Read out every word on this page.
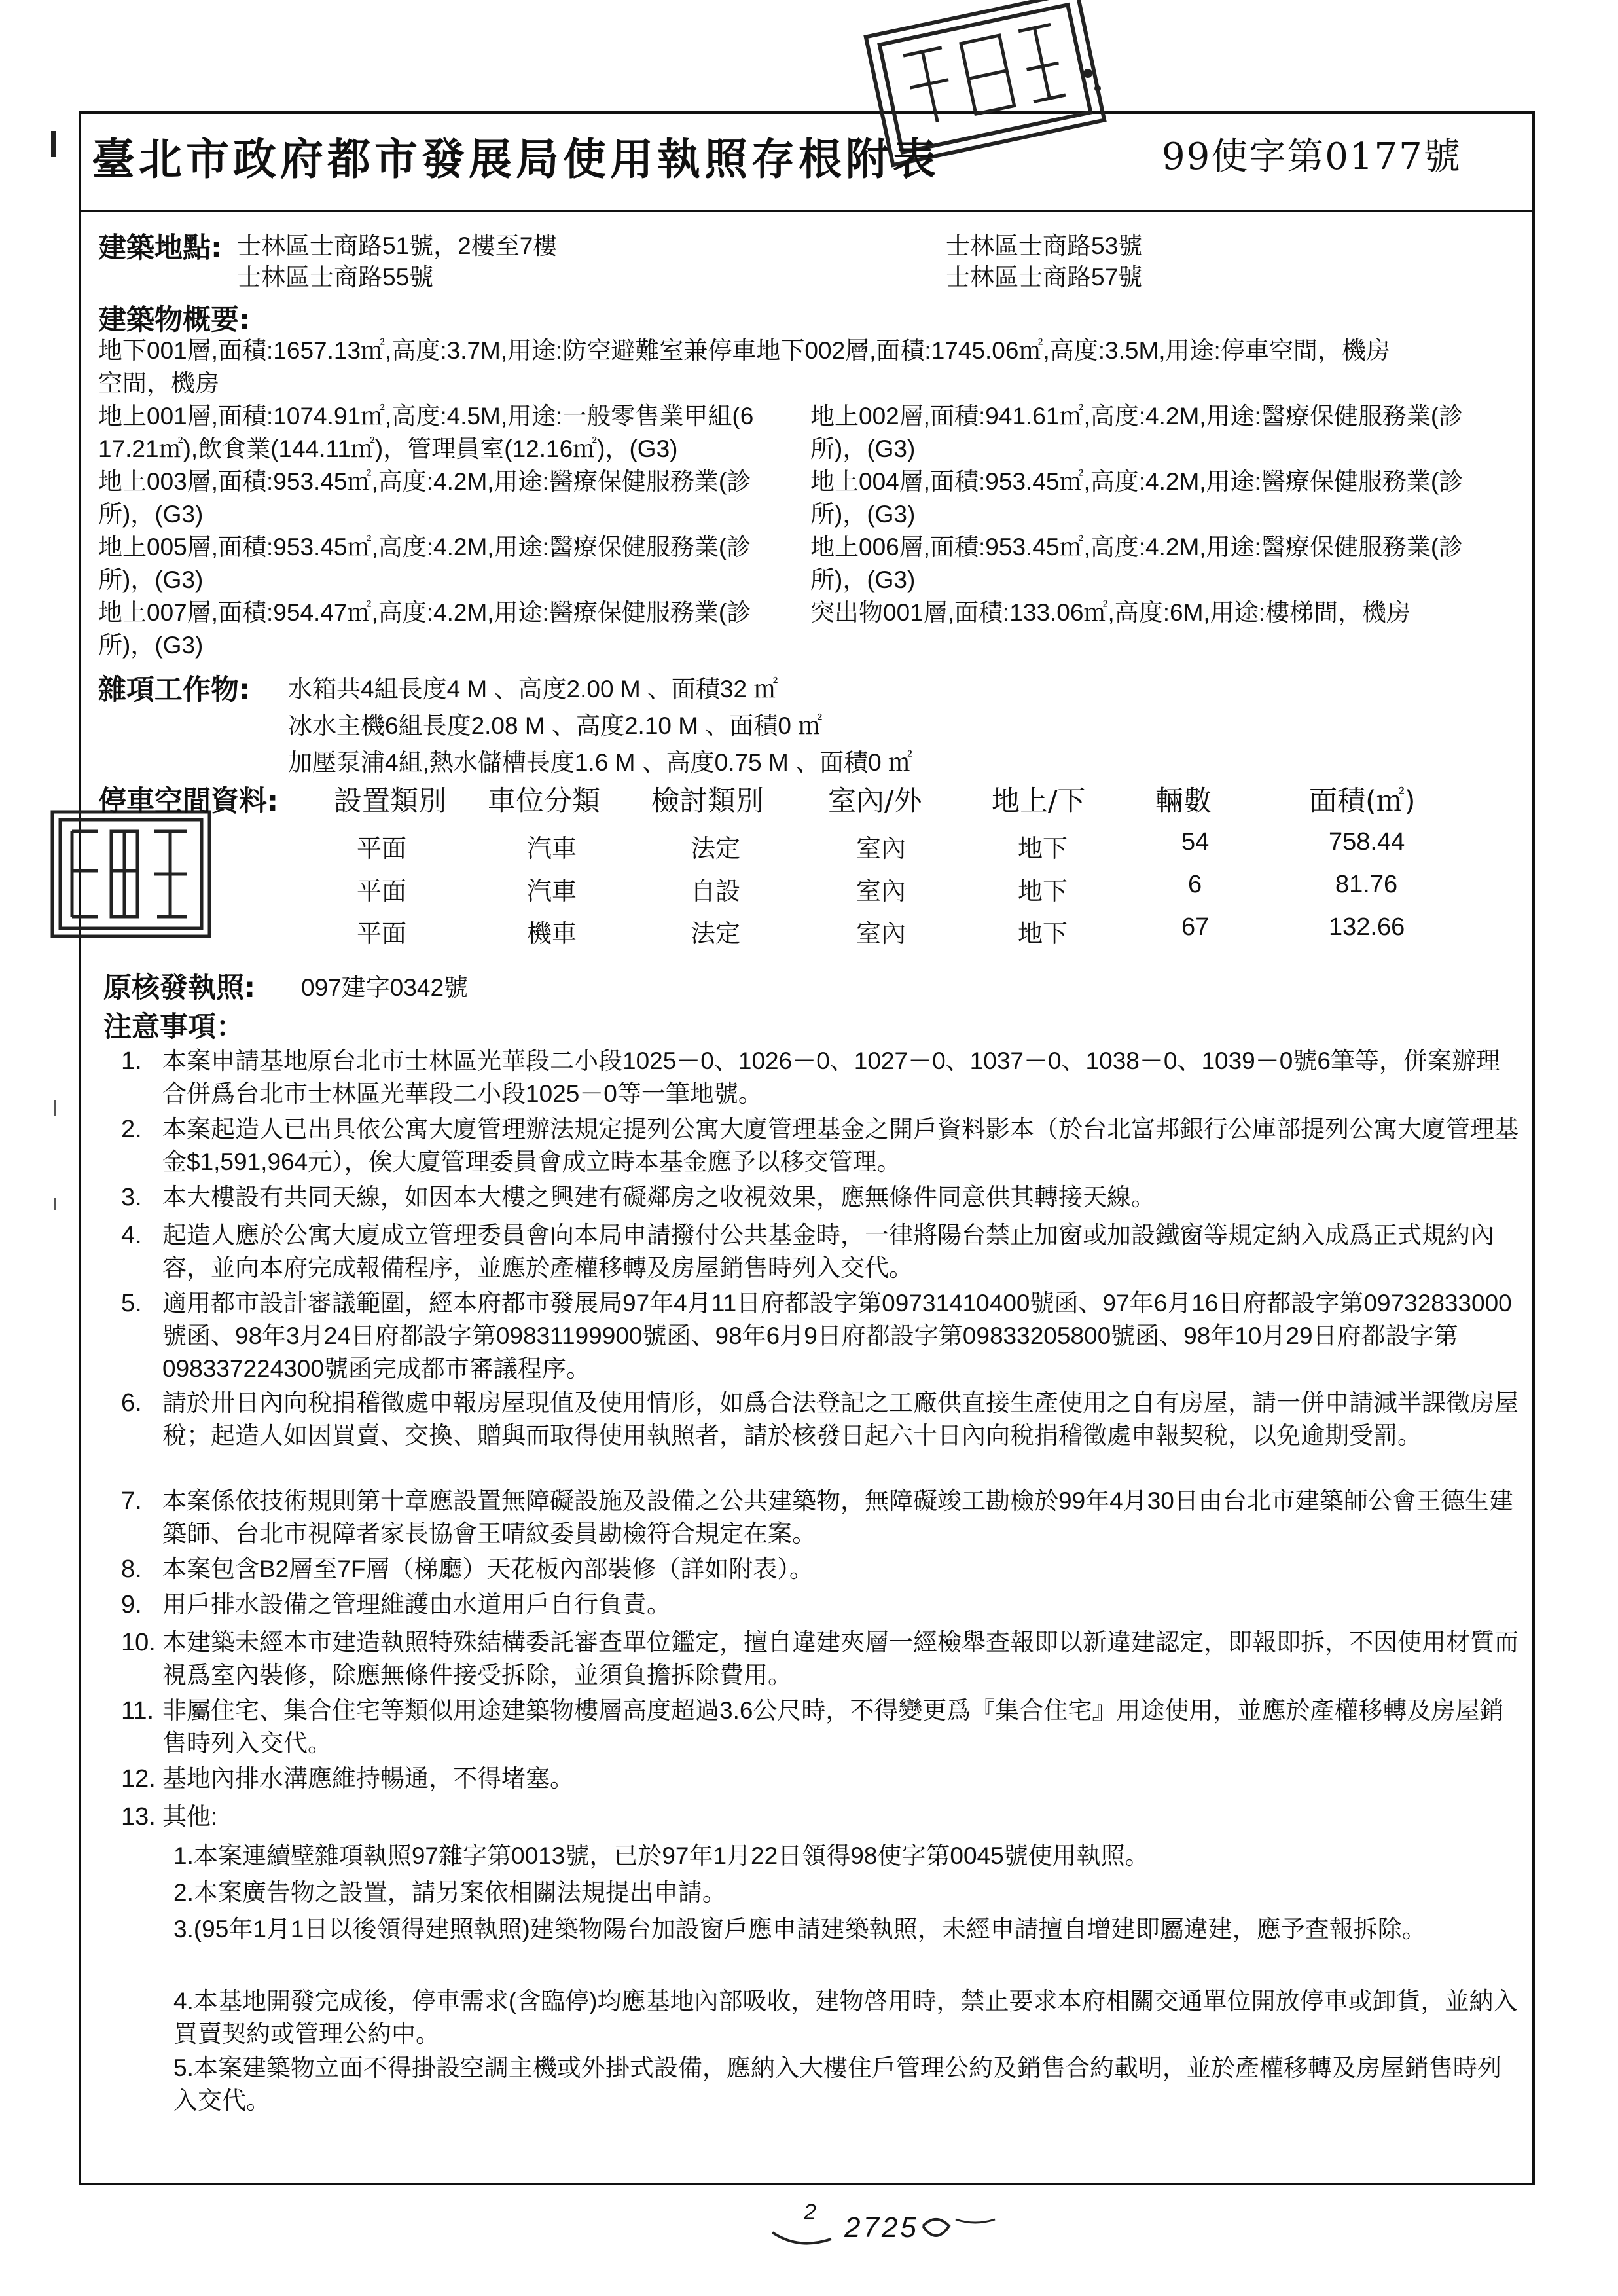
臺北市政府都市發展局使用執照存根附表	99使字第0177號
建築地點: 士林區士商路51號，2樓至7樓	士林區士商路53號
士林區士商路55號	士林區士商路57號
建築物概要:
地下001層,面積:1657.13㎡,高度:3.7M,用途:防空避難室兼停車地下002層,面積:1745.06㎡,高度:3.5M,用途:停車空間，機房
空間，機房
地上001層,面積:1074.91㎡,高度:4.5M,用途:一般零售業甲組(6 地上002層,面積:941.61㎡,高度:4.2M,用途:醫療保健服務業(診
17.21㎡),飲食業(144.11㎡)，管理員室(12.16㎡)，(G3)	所)，(G3)
地上003層,面積:953.45㎡,高度:4.2M,用途:醫療保健服務業(診 地上004層,面積:953.45㎡,高度:4.2M,用途:醫療保健服務業(診
所)，(G3)	所)，(G3)
地上005層,面積:953.45㎡,高度:4.2M,用途:醫療保健服務業(診 地上006層,面積:953.45㎡,高度:4.2M,用途:醫療保健服務業(診
所)，(G3)	所)，(G3)
地上007層,面積:954.47㎡,高度:4.2M,用途:醫療保健服務業(診 突出物001層,面積:133.06㎡,高度:6M,用途:樓梯間，機房
所)，(G3)
雜項工作物: 水箱共4組長度4 M 、高度2.00 M 、面積32 ㎡
冰水主機6組長度2.08 M 、高度2.10 M 、面積0 ㎡
加壓泵浦4組,熱水儲槽長度1.6 M 、高度0.75 M 、面積0 ㎡
停車空間資料: 設置類別 車位分類 檢討類別 室內/外 地上/下 輛數	面積(㎡)
平面	汽車	法定	室內	地下	54	758.44
平面	汽車	自設	室內	地下	6	81.76
平面	機車	法定	室內	地下	67	132.66
原核發執照: 097建字0342號
注意事項：
1. 本案申請基地原台北市士林區光華段二小段1025－0、1026－0、1027－0、1037－0、1038－0、1039－0號6筆等，併案辦理合併爲台北市士林區光華段二小段1025－0等一筆地號。
2. 本案起造人已出具依公寓大廈管理辦法規定提列公寓大廈管理基金之開戶資料影本（於台北富邦銀行公庫部提列公寓大廈管理基金$1,591,964元），俟大廈管理委員會成立時本基金應予以移交管理。
3. 本大樓設有共同天線，如因本大樓之興建有礙鄰房之收視效果，應無條件同意供其轉接天線。
4. 起造人應於公寓大廈成立管理委員會向本局申請撥付公共基金時，一律將陽台禁止加窗或加設鐵窗等規定納入成爲正式規約內容，並向本府完成報備程序，並應於產權移轉及房屋銷售時列入交代。
5. 適用都市設計審議範圍，經本府都市發展局97年4月11日府都設字第09731410400號函、97年6月16日府都設字第09732833000號函、98年3月24日府都設字第09831199900號函、98年6月9日府都設字第09833205800號函、98年10月29日府都設字第098337224300號函完成都市審議程序。
6. 請於卅日內向稅捐稽徵處申報房屋現值及使用情形，如爲合法登記之工廠供直接生產使用之自有房屋，請一併申請減半課徵房屋稅；起造人如因買賣、交換、贈與而取得使用執照者，請於核發日起六十日內向稅捐稽徵處申報契稅，以免逾期受罰。
7. 本案係依技術規則第十章應設置無障礙設施及設備之公共建築物，無障礙竣工勘檢於99年4月30日由台北市建築師公會王德生建築師、台北市視障者家長協會王晴紋委員勘檢符合規定在案。
8. 本案包含B2層至7F層（梯廳）天花板內部裝修（詳如附表）。
9. 用戶排水設備之管理維護由水道用戶自行負責。
10. 本建築未經本市建造執照特殊結構委託審查單位鑑定，擅自違建夾層一經檢舉查報即以新違建認定，即報即拆，不因使用材質而視爲室內裝修，除應無條件接受拆除，並須負擔拆除費用。
11. 非屬住宅、集合住宅等類似用途建築物樓層高度超過3.6公尺時，不得變更爲『集合住宅』用途使用，並應於產權移轉及房屋銷售時列入交代。
12. 基地內排水溝應維持暢通，不得堵塞。
13. 其他:
1.本案連續壁雜項執照97雜字第0013號，已於97年1月22日領得98使字第0045號使用執照。
2.本案廣告物之設置，請另案依相關法規提出申請。
3.(95年1月1日以後領得建照執照)建築物陽台加設窗戶應申請建築執照，未經申請擅自增建即屬違建，應予查報拆除。
4.本基地開發完成後，停車需求(含臨停)均應基地內部吸收，建物啓用時，禁止要求本府相關交通單位開放停車或卸貨，並納入買賣契約或管理公約中。
5.本案建築物立面不得掛設空調主機或外掛式設備，應納入大樓住戶管理公約及銷售合約載明，並於產權移轉及房屋銷售時列入交代。
2 2725
